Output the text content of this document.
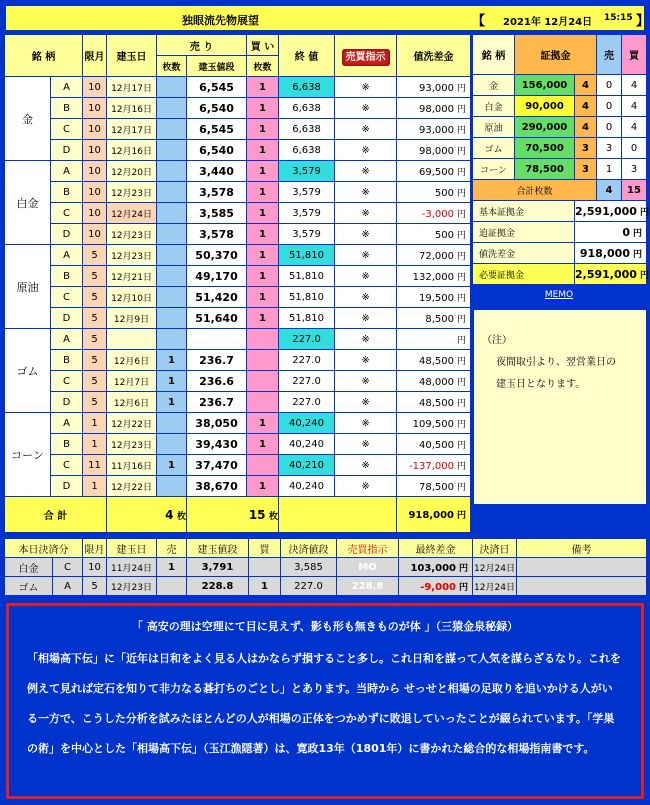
独眼流先物展望	【 2021年 12月24日 15:15 】
銘 柄		限月	建玉日	売 り		買 い	終 値	売買指示	値洗差金
				枚数	建玉値段	枚数			
金	A	10	12月17日		6,545	1	6,638	※	93,000 円
	B	10	12月16日		6,540	1	6,638	※	98,000 円
	C	10	12月17日		6,545	1	6,638	※	93,000 円
	D	10	12月16日		6,540	1	6,638	※	98,000 円
白金	A	10	12月20日		3,440	1	3,579	※	69,500 円
	B	10	12月23日		3,578	1	3,579	※	500 円
	C	10	12月24日		3,585	1	3,579	※	-3,000 円
	D	10	12月23日		3,578	1	3,579	※	500 円
原油	A	5	12月23日		50,370	1	51,810	※	72,000 円
	B	5	12月21日		49,170	1	51,810	※	132,000 円
	C	5	12月10日		51,420	1	51,810	※	19,500 円
	D	5	12月9日		51,640	1	51,810	※	8,500 円
ゴム	A	5					227.0	※	円
	B	5	12月6日	1	236.7		227.0	※	48,500 円
	C	5	12月7日	1	236.6		227.0	※	48,000 円
	D	5	12月6日	1	236.7		227.0	※	48,500 円
コーン	A	1	12月22日		38,050	1	40,240	※	109,500 円
	B	1	12月23日		39,430	1	40,240	※	40,500 円
	C	11	11月16日	1	37,470		40,210	※	-137,000 円
	D	1	12月22日		38,670	1	40,240	※	78,500 円
合 計			4 枚		15 枚				918,000 円
銘 柄	証拠金		売	買
金	156,000	4	0	4
白金	90,000	4	0	4
原油	290,000	4	0	4
ゴム	70,500	3	3	0
コーン	78,500	3	1	3
合計枚数			4	15
基本証拠金		2,591,000 円		
追証拠金		0 円		
値洗差金		918,000 円		
必要証拠金		2,591,000 円		
MEMO
（注）
夜間取引より、翌営業日の
建玉日となります。
本日決済分		限月	建玉日	売	建玉値段	買	決済値段	売買指示	最終差金	決済日	備考
白金	C	10	11月24日	1	3,791		3,585	MO	103,000 円	12月24日	
ゴム	A	5	12月23日		228.8	1	227.0	228.8	-9,000 円	12月24日	
「 高安の理は空理にて目に見えず、影も形も無きものが体 」（三猿金泉秘録）
「相場高下伝」に「近年は日和をよく見る人はかならず損すること多し。これ日和を謀って人気を謀らざるなり。これを例えて見れば定石を知りて非力なる碁打ちのごとし」とあります。当時から せっせと相場の足取りを追いかける人がいる一方で、こうした分析を試みたほとんどの人が相場の正体をつかめずに敗退していったことが綴られています。「学巣の術」を中心とした「相場高下伝」（玉江漁隠著）は、寛政13年（1801年）に書かれた総合的な相場指南書です。
